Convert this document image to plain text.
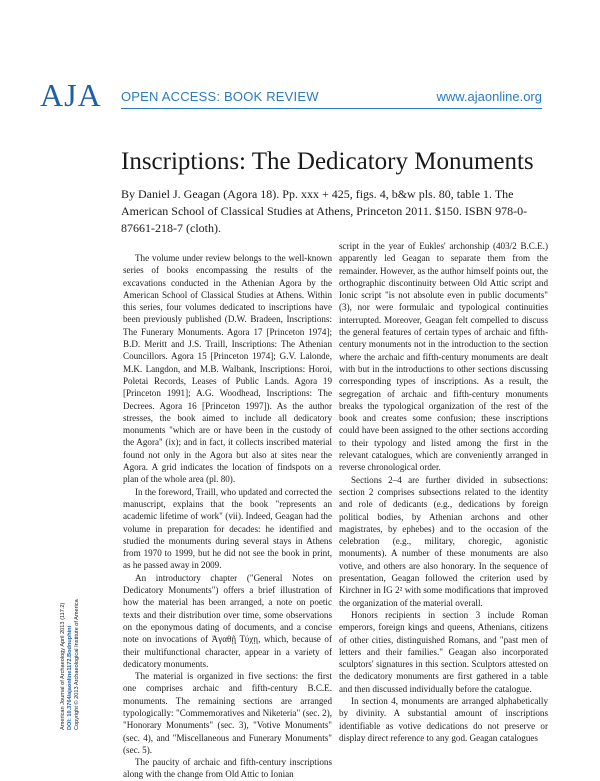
AJA OPEN ACCESS: BOOK REVIEW	www.ajaonline.org
Inscriptions: The Dedicatory Monuments

By Daniel J. Geagan (Agora 18). Pp. xxx + 425, figs. 4, b&w pls. 80, table 1. The American School of Classical Studies at Athens, Princeton 2011. $150. ISBN 978-0-87661-218-7 (cloth).

American Journal of Archaeology April 2013 (117.2) DOI: 10.3764/ajaonline1172.Bodnuphini Copyright © 2013 Archaeological Institute of America

The volume under review belongs to the well-known series of books encompassing the results of the excavations conducted in the Athenian Agora by the American School of Classical Studies at Athens. Within this series, four volumes dedicated to inscriptions have been previously published (D.W. Bradeen, Inscriptions: The Funerary Monuments. Agora 17 [Princeton 1974]; B.D. Meritt and J.S. Traill, Inscriptions: The Athenian Councillors. Agora 15 [Princeton 1974]; G.V. Lalonde, M.K. Langdon, and M.B. Walbank, Inscriptions: Horoi, Poletai Records, Leases of Public Lands. Agora 19 [Princeton 1991]; A.G. Woodhead, Inscriptions: The Decrees. Agora 16 [Princeton 1997]). As the author stresses, the book aimed to include all dedicatory monuments "which are or have been in the custody of the Agora" (ix); and in fact, it collects inscribed material found not only in the Agora but also at sites near the Agora. A grid indicates the location of findspots on a plan of the whole area (pl. 80).

In the foreword, Traill, who updated and corrected the manuscript, explains that the book "represents an academic lifetime of work" (vii). Indeed, Geagan had the volume in preparation for decades: he identified and studied the monuments during several stays in Athens from 1970 to 1999, but he did not see the book in print, as he passed away in 2009.

An introductory chapter ("General Notes on Dedicatory Monuments") offers a brief illustration of how the material has been arranged, a note on poetic texts and their distribution over time, some observations on the eponymous dating of documents, and a concise note on invocations of Ἀγαθῇ Τύχῃ, which, because of their multifunctional character, appear in a variety of dedicatory monuments.

The material is organized in five sections: the first one comprises archaic and fifth-century B.C.E. monuments. The remaining sections are arranged typologically: "Commemoratives and Niketeria" (sec. 2), "Honorary Monuments" (sec. 3), "Votive Monuments" (sec. 4), and "Miscellaneous and Funerary Monuments" (sec. 5).

The paucity of archaic and fifth-century inscriptions along with the change from Old Attic to Ionian

script in the year of Eukles' archonship (403/2 B.C.E.) apparently led Geagan to separate them from the remainder. However, as the author himself points out, the orthographic discontinuity between Old Attic script and Ionic script "is not absolute even in public documents" (3), nor were formulaic and typological continuities interrupted. Moreover, Geagan felt compelled to discuss the general features of certain types of archaic and fifth-century monuments not in the introduction to the section where the archaic and fifth-century monuments are dealt with but in the introductions to other sections discussing corresponding types of inscriptions. As a result, the segregation of archaic and fifth-century monuments breaks the typological organization of the rest of the book and creates some confusion; these inscriptions could have been assigned to the other sections according to their typology and listed among the first in the relevant catalogues, which are conveniently arranged in reverse chronological order.

Sections 2–4 are further divided in subsections: section 2 comprises subsections related to the identity and role of dedicants (e.g., dedications by foreign political bodies, by Athenian archons and other magistrates, by ephebes) and to the occasion of the celebration (e.g., military, choregic, agonistic monuments). A number of these monuments are also votive, and others are also honorary. In the sequence of presentation, Geagan followed the criterion used by Kirchner in IG 2² with some modifications that improved the organization of the material overall.

Honors recipients in section 3 include Roman emperors, foreign kings and queens, Athenians, citizens of other cities, distinguished Romans, and "past men of letters and their families." Geagan also incorporated sculptors' signatures in this section. Sculptors attested on the dedicatory monuments are first gathered in a table and then discussed individually before the catalogue.

In section 4, monuments are arranged alphabetically by divinity. A substantial amount of inscriptions identifiable as votive dedications do not preserve or display direct reference to any god. Geagan catalogues
